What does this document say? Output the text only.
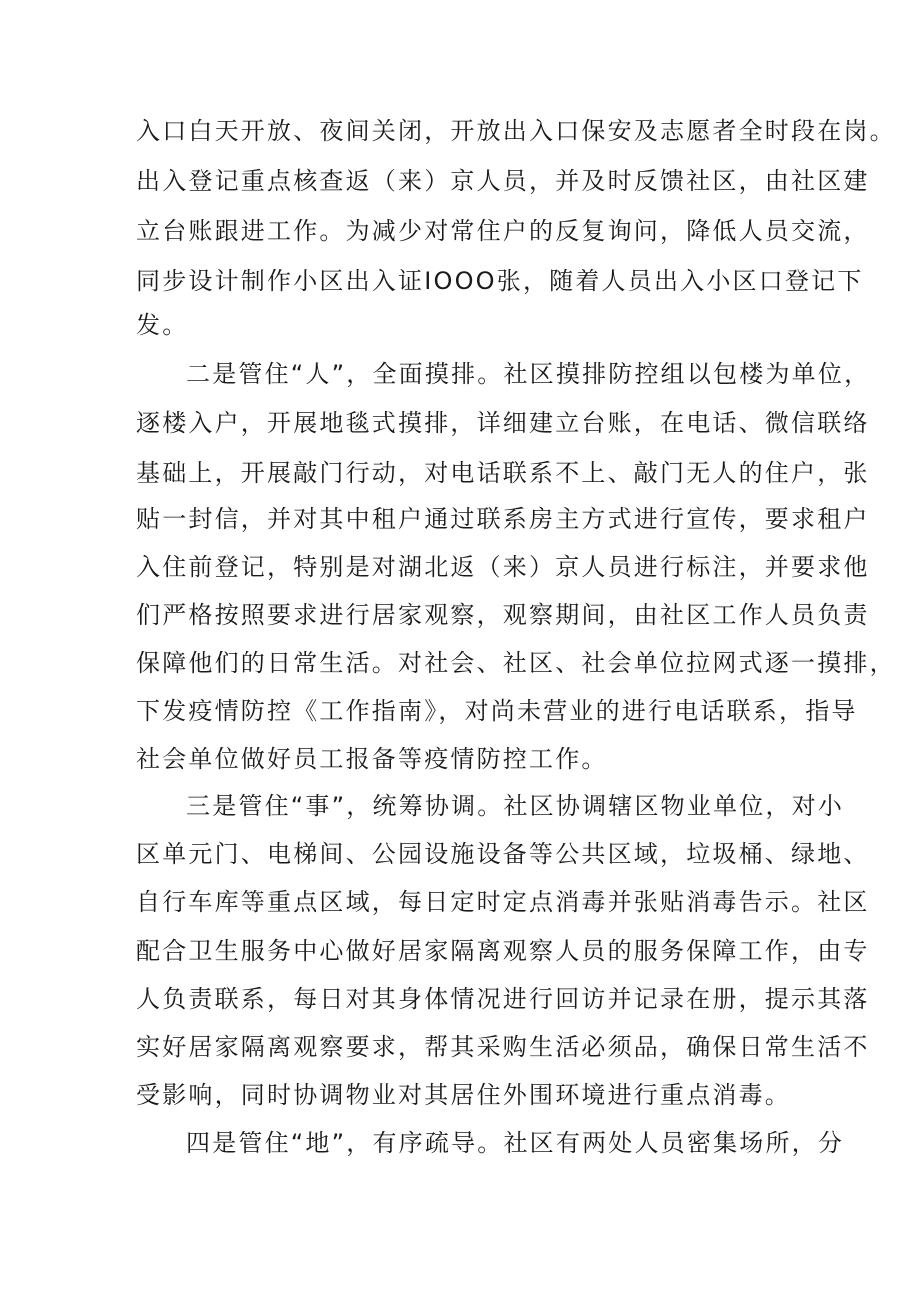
入口白天开放、夜间关闭，开放出入口保安及志愿者全时段在岗。
出入登记重点核查返（来）京人员，并及时反馈社区，由社区建
立台账跟进工作。为减少对常住户的反复询问，降低人员交流，
同步设计制作小区出入证IOOO张，随着人员出入小区口登记下
发。
二是管住“人”，全面摸排。社区摸排防控组以包楼为单位，
逐楼入户，开展地毯式摸排，详细建立台账，在电话、微信联络
基础上，开展敲门行动，对电话联系不上、敲门无人的住户，张
贴一封信，并对其中租户通过联系房主方式进行宣传，要求租户
入住前登记，特别是对湖北返（来）京人员进行标注，并要求他
们严格按照要求进行居家观察，观察期间，由社区工作人员负责
保障他们的日常生活。对社会、社区、社会单位拉网式逐一摸排，
下发疫情防控《工作指南》，对尚未营业的进行电话联系，指导
社会单位做好员工报备等疫情防控工作。
三是管住“事”，统筹协调。社区协调辖区物业单位，对小
区单元门、电梯间、公园设施设备等公共区域，垃圾桶、绿地、
自行车库等重点区域，每日定时定点消毒并张贴消毒告示。社区
配合卫生服务中心做好居家隔离观察人员的服务保障工作，由专
人负责联系，每日对其身体情况进行回访并记录在册，提示其落
实好居家隔离观察要求，帮其采购生活必须品，确保日常生活不
受影响，同时协调物业对其居住外围环境进行重点消毒。
四是管住“地”，有序疏导。社区有两处人员密集场所，分
